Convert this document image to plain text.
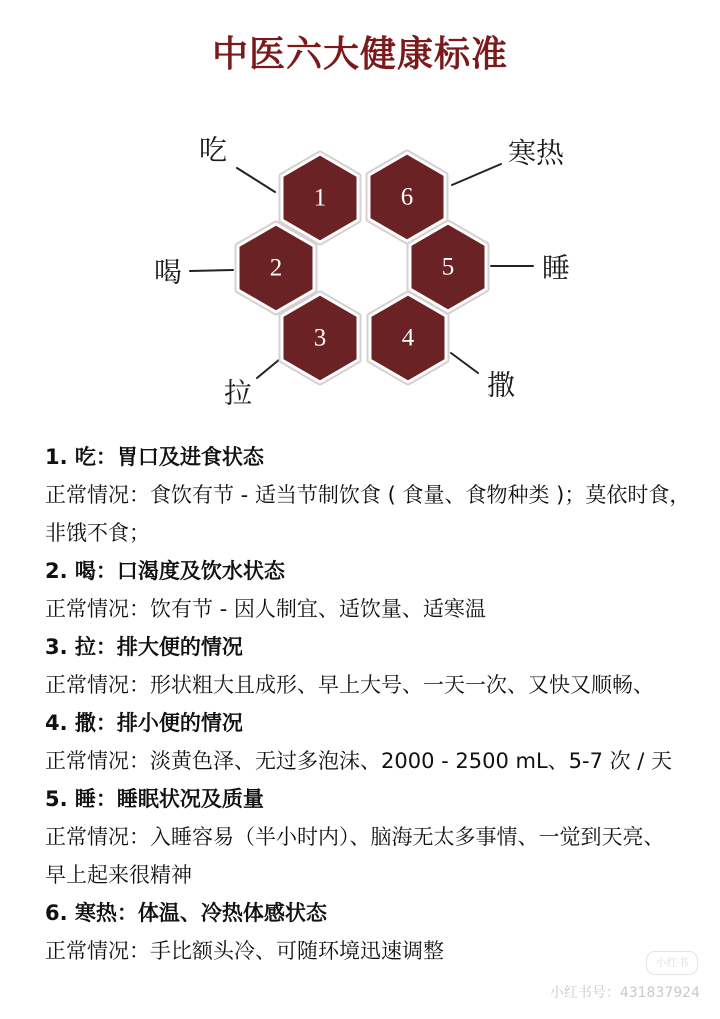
中医六大健康标准
1
2
3	4
5
6
吃
喝
拉	撒
睡
寒热
1. 吃：胃口及进食状态
正常情况：食饮有节 - 适当节制饮食 ( 食量、食物种类 )；莫依时食，
非饿不食；
2. 喝：口渴度及饮水状态
正常情况：饮有节 - 因人制宜、适饮量、适寒温
3. 拉：排大便的情况
正常情况：形状粗大且成形、早上大号、一天一次、又快又顺畅、
4. 撒：排小便的情况
正常情况：淡黄色泽、无过多泡沫、2000 - 2500 mL、5-7 次 / 天
5. 睡：睡眠状况及质量
正常情况：入睡容易（半小时内）、脑海无太多事情、一觉到天亮、
早上起来很精神
6. 寒热：体温、冷热体感状态
正常情况：手比额头冷、可随环境迅速调整	小红书
小红书号：431837924
